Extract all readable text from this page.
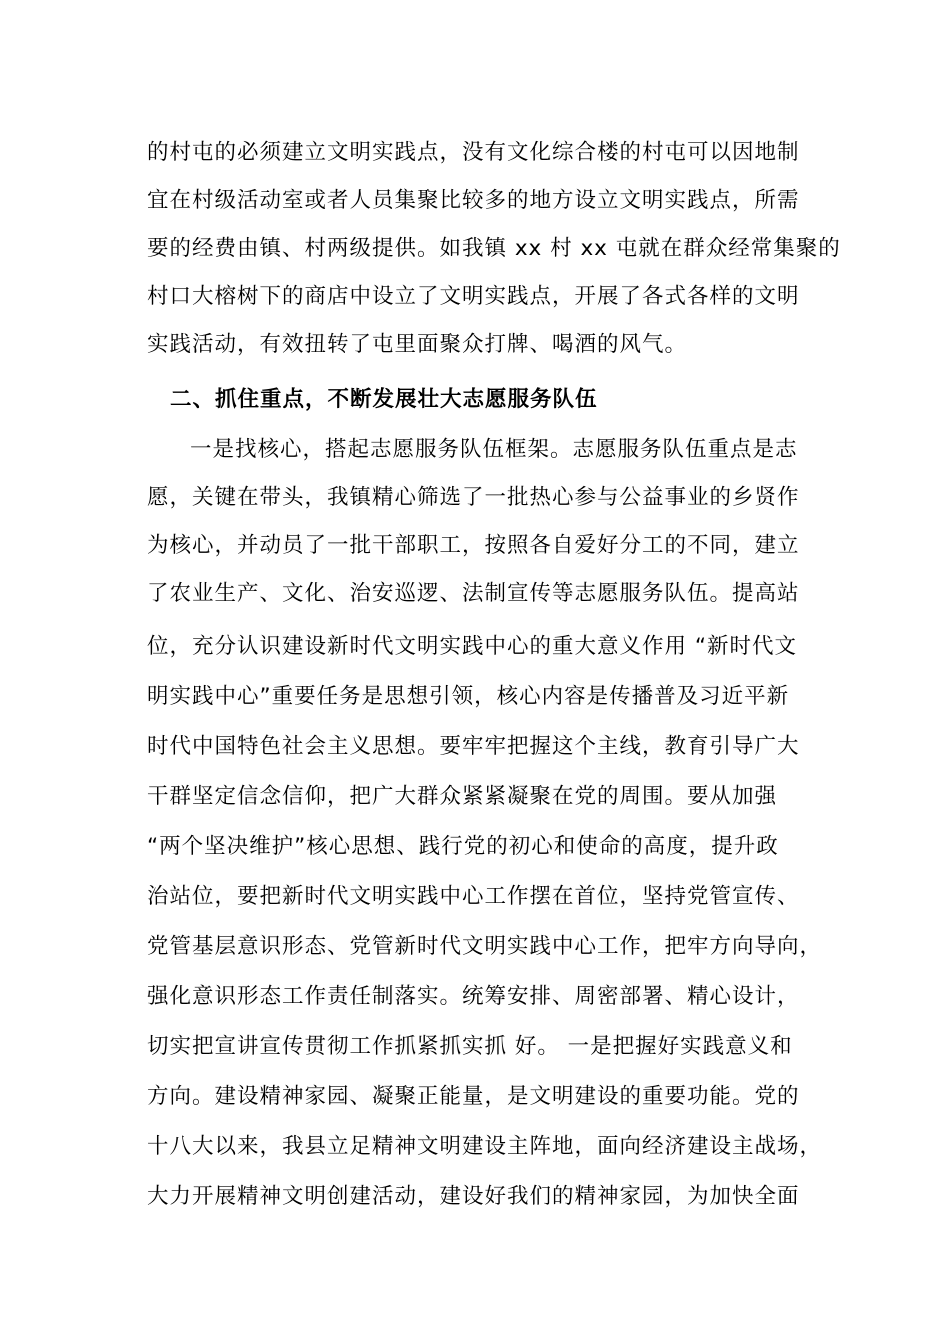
的村屯的必须建立文明实践点，没有文化综合楼的村屯可以因地制
宜在村级活动室或者人员集聚比较多的地方设立文明实践点，所需
要的经费由镇、村两级提供。如我镇 xx 村 xx 屯就在群众经常集聚的
村口大榕树下的商店中设立了文明实践点，开展了各式各样的文明
实践活动，有效扭转了屯里面聚众打牌、喝酒的风气。
二、抓住重点，不断发展壮大志愿服务队伍
一是找核心，搭起志愿服务队伍框架。志愿服务队伍重点是志
愿，关键在带头，我镇精心筛选了一批热心参与公益事业的乡贤作
为核心，并动员了一批干部职工，按照各自爱好分工的不同，建立
了农业生产、文化、治安巡逻、法制宣传等志愿服务队伍。提高站
位，充分认识建设新时代文明实践中心的重大意义作用 “新时代文
明实践中心”重要任务是思想引领，核心内容是传播普及习近平新
时代中国特色社会主义思想。要牢牢把握这个主线，教育引导广大
干群坚定信念信仰，把广大群众紧紧凝聚在党的周围。要从加强
“两个坚决维护”核心思想、践行党的初心和使命的高度，提升政
治站位，要把新时代文明实践中心工作摆在首位，坚持党管宣传、
党管基层意识形态、党管新时代文明实践中心工作，把牢方向导向，
强化意识形态工作责任制落实。统筹安排、周密部署、精心设计，
切实把宣讲宣传贯彻工作抓紧抓实抓 好。 一是把握好实践意义和
方向。建设精神家园、凝聚正能量，是文明建设的重要功能。党的
十八大以来，我县立足精神文明建设主阵地，面向经济建设主战场，
大力开展精神文明创建活动，建设好我们的精神家园，为加快全面
